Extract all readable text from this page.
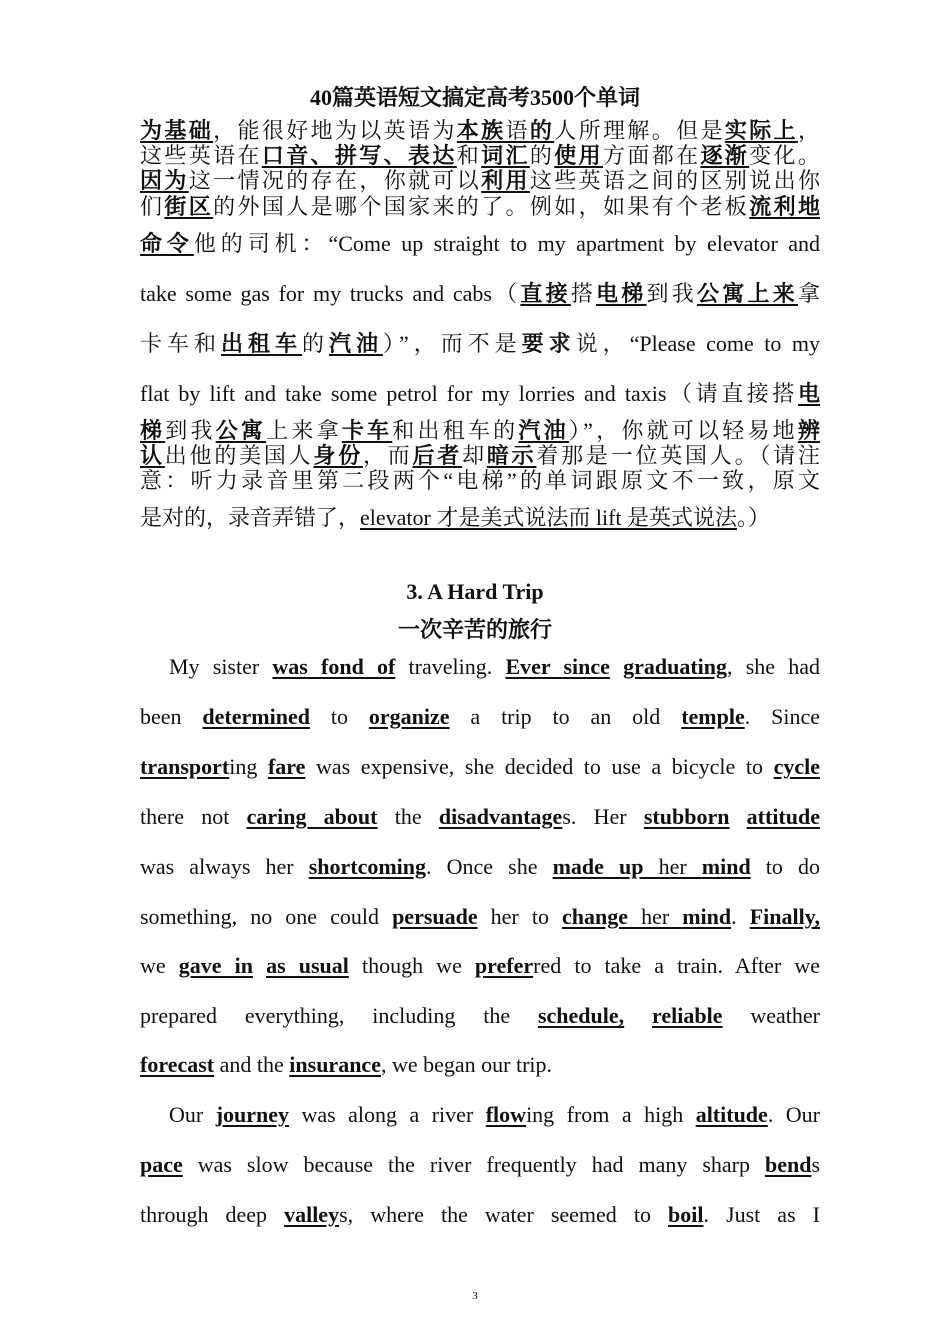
40篇英语短文搞定高考3500个单词
为基础，能很好地为以英语为本族语的人所理解。但是实际上，
这些英语在口音、拼写、表达和词汇的使用方面都在逐渐变化。
因为这一情况的存在，你就可以利用这些英语之间的区别说出你
们街区的外国人是哪个国家来的了。例如，如果有个老板流利地
命令他的司机：“Come up straight to my apartment by elevator and
take some gas for my trucks and cabs（直接搭电梯到我公寓上来拿
卡车和出租车的汽油）”，而不是要求说，“Please come to my
flat by lift and take some petrol for my lorries and taxis（请直接搭电
梯到我公寓上来拿卡车和出租车的汽油）”，你就可以轻易地辨
认出他的美国人身份，而后者却暗示着那是一位英国人。（请注
意：听力录音里第二段两个“电梯”的单词跟原文不一致，原文
是对的，录音弄错了，elevator 才是美式说法而 lift 是英式说法。）
3. A Hard Trip
一次辛苦的旅行
My sister was fond of traveling. Ever since graduating, she had
been determined to organize a trip to an old temple. Since
transporting fare was expensive, she decided to use a bicycle to cycle
there not caring about the disadvantages. Her stubborn attitude
was always her shortcoming. Once she made up her mind to do
something, no one could persuade her to change her mind. Finally,
we gave in as usual though we preferred to take a train. After we
prepared everything, including the schedule, reliable weather
forecast and the insurance, we began our trip.
Our journey was along a river flowing from a high altitude. Our
pace was slow because the river frequently had many sharp bends
through deep valleys, where the water seemed to boil. Just as I
3
